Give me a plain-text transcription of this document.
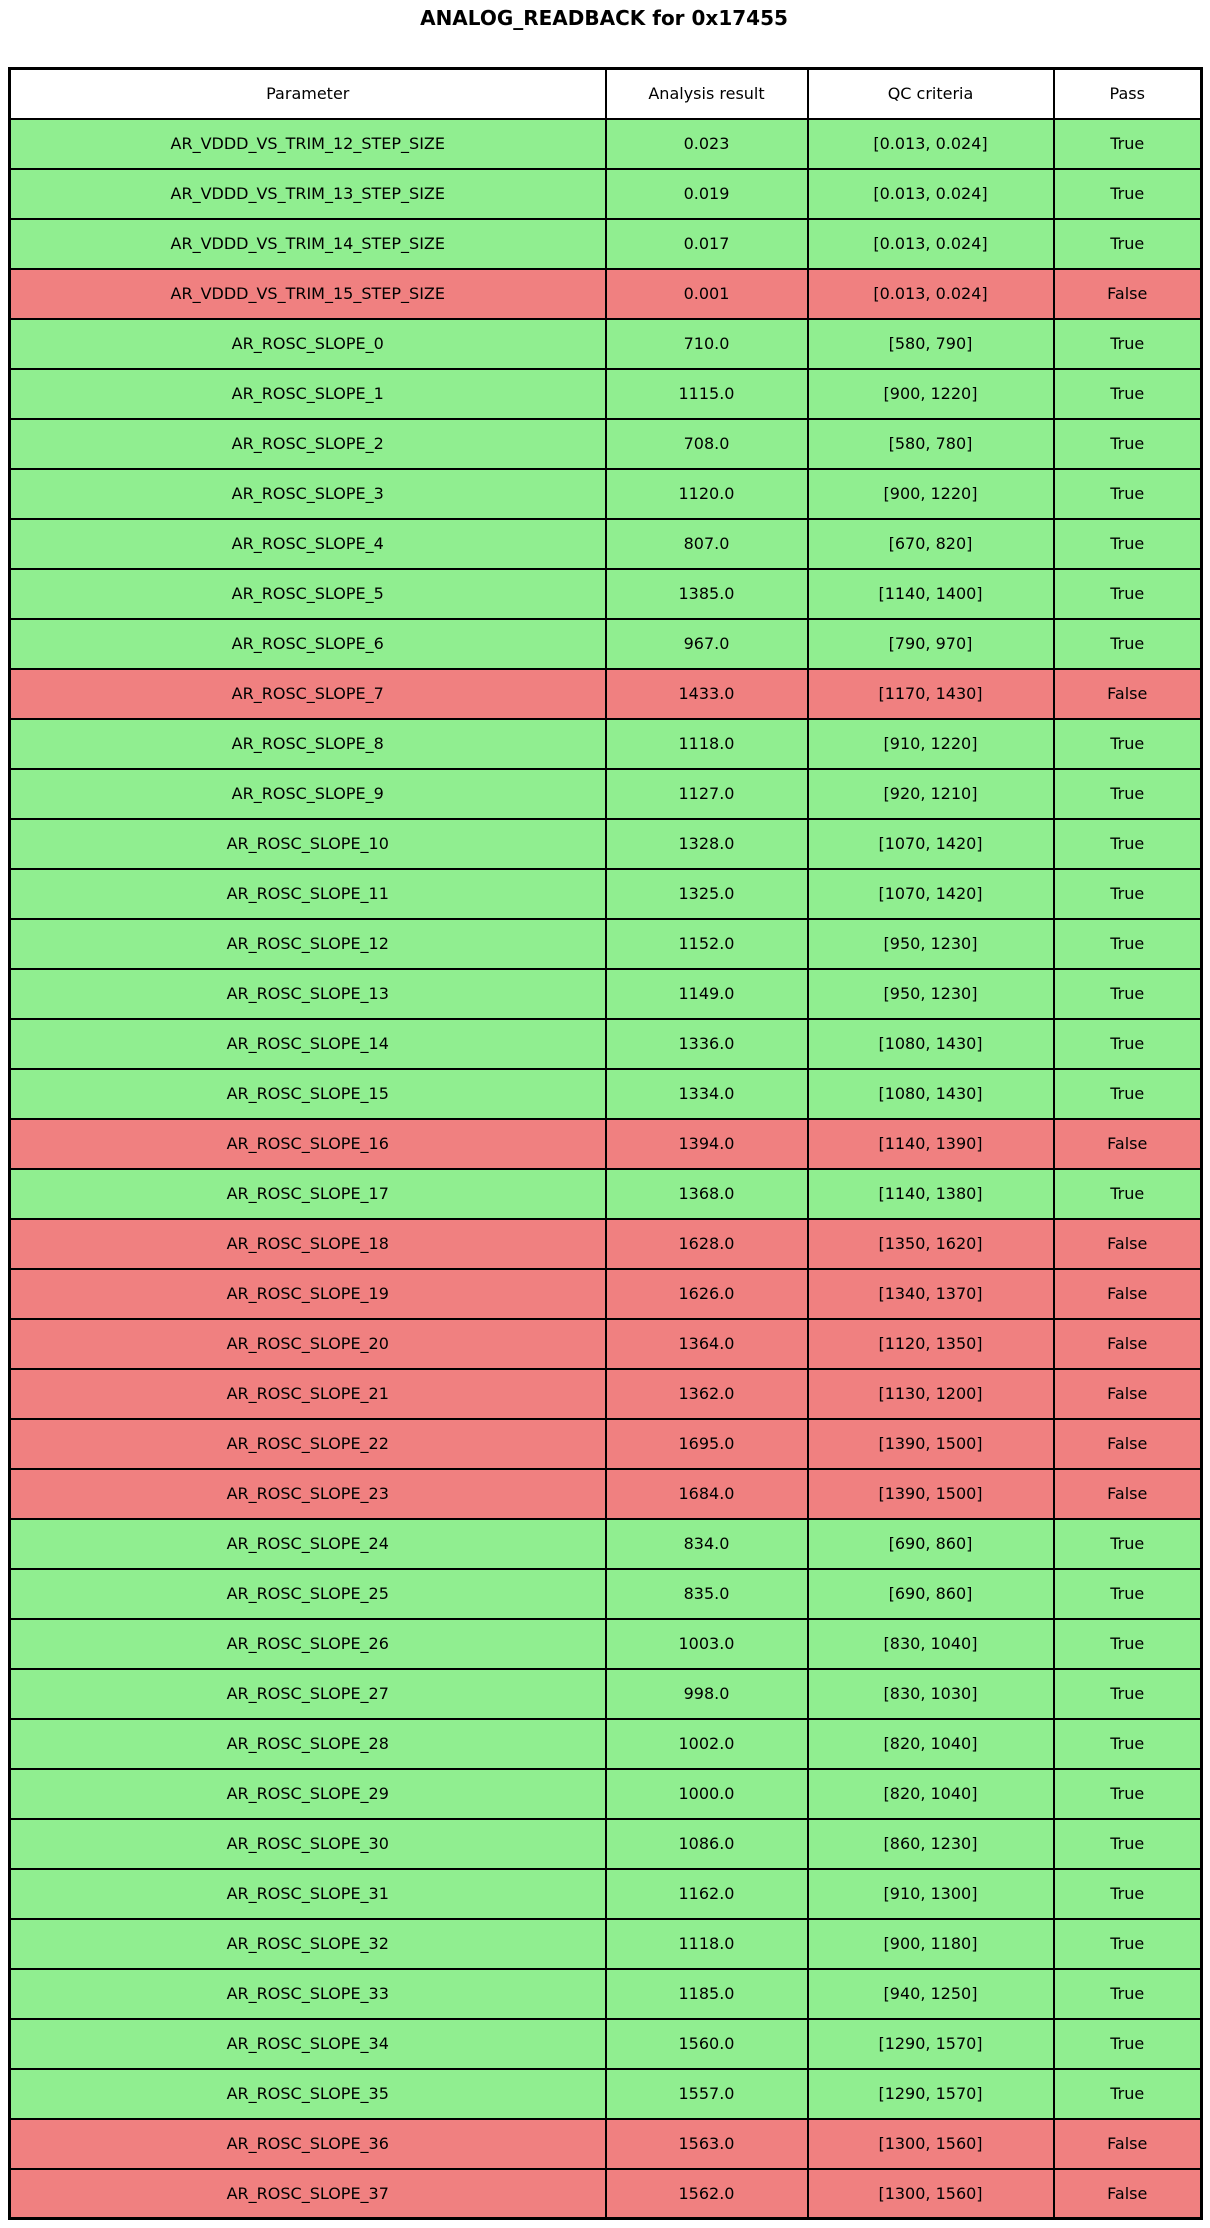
ANALOG_READBACK for 0x17455
Parameter	Analysis result	QC criteria	Pass
AR_VDDD_VS_TRIM_12_STEP_SIZE	0.023	[0.013, 0.024]	True
AR_VDDD_VS_TRIM_13_STEP_SIZE	0.019	[0.013, 0.024]	True
AR_VDDD_VS_TRIM_14_STEP_SIZE	0.017	[0.013, 0.024]	True
AR_VDDD_VS_TRIM_15_STEP_SIZE	0.001	[0.013, 0.024]	False
AR_ROSC_SLOPE_0	710.0	[580, 790]	True
AR_ROSC_SLOPE_1	1115.0	[900, 1220]	True
AR_ROSC_SLOPE_2	708.0	[580, 780]	True
AR_ROSC_SLOPE_3	1120.0	[900, 1220]	True
AR_ROSC_SLOPE_4	807.0	[670, 820]	True
AR_ROSC_SLOPE_5	1385.0	[1140, 1400]	True
AR_ROSC_SLOPE_6	967.0	[790, 970]	True
AR_ROSC_SLOPE_7	1433.0	[1170, 1430]	False
AR_ROSC_SLOPE_8	1118.0	[910, 1220]	True
AR_ROSC_SLOPE_9	1127.0	[920, 1210]	True
AR_ROSC_SLOPE_10	1328.0	[1070, 1420]	True
AR_ROSC_SLOPE_11	1325.0	[1070, 1420]	True
AR_ROSC_SLOPE_12	1152.0	[950, 1230]	True
AR_ROSC_SLOPE_13	1149.0	[950, 1230]	True
AR_ROSC_SLOPE_14	1336.0	[1080, 1430]	True
AR_ROSC_SLOPE_15	1334.0	[1080, 1430]	True
AR_ROSC_SLOPE_16	1394.0	[1140, 1390]	False
AR_ROSC_SLOPE_17	1368.0	[1140, 1380]	True
AR_ROSC_SLOPE_18	1628.0	[1350, 1620]	False
AR_ROSC_SLOPE_19	1626.0	[1340, 1370]	False
AR_ROSC_SLOPE_20	1364.0	[1120, 1350]	False
AR_ROSC_SLOPE_21	1362.0	[1130, 1200]	False
AR_ROSC_SLOPE_22	1695.0	[1390, 1500]	False
AR_ROSC_SLOPE_23	1684.0	[1390, 1500]	False
AR_ROSC_SLOPE_24	834.0	[690, 860]	True
AR_ROSC_SLOPE_25	835.0	[690, 860]	True
AR_ROSC_SLOPE_26	1003.0	[830, 1040]	True
AR_ROSC_SLOPE_27	998.0	[830, 1030]	True
AR_ROSC_SLOPE_28	1002.0	[820, 1040]	True
AR_ROSC_SLOPE_29	1000.0	[820, 1040]	True
AR_ROSC_SLOPE_30	1086.0	[860, 1230]	True
AR_ROSC_SLOPE_31	1162.0	[910, 1300]	True
AR_ROSC_SLOPE_32	1118.0	[900, 1180]	True
AR_ROSC_SLOPE_33	1185.0	[940, 1250]	True
AR_ROSC_SLOPE_34	1560.0	[1290, 1570]	True
AR_ROSC_SLOPE_35	1557.0	[1290, 1570]	True
AR_ROSC_SLOPE_36	1563.0	[1300, 1560]	False
AR_ROSC_SLOPE_37	1562.0	[1300, 1560]	False
